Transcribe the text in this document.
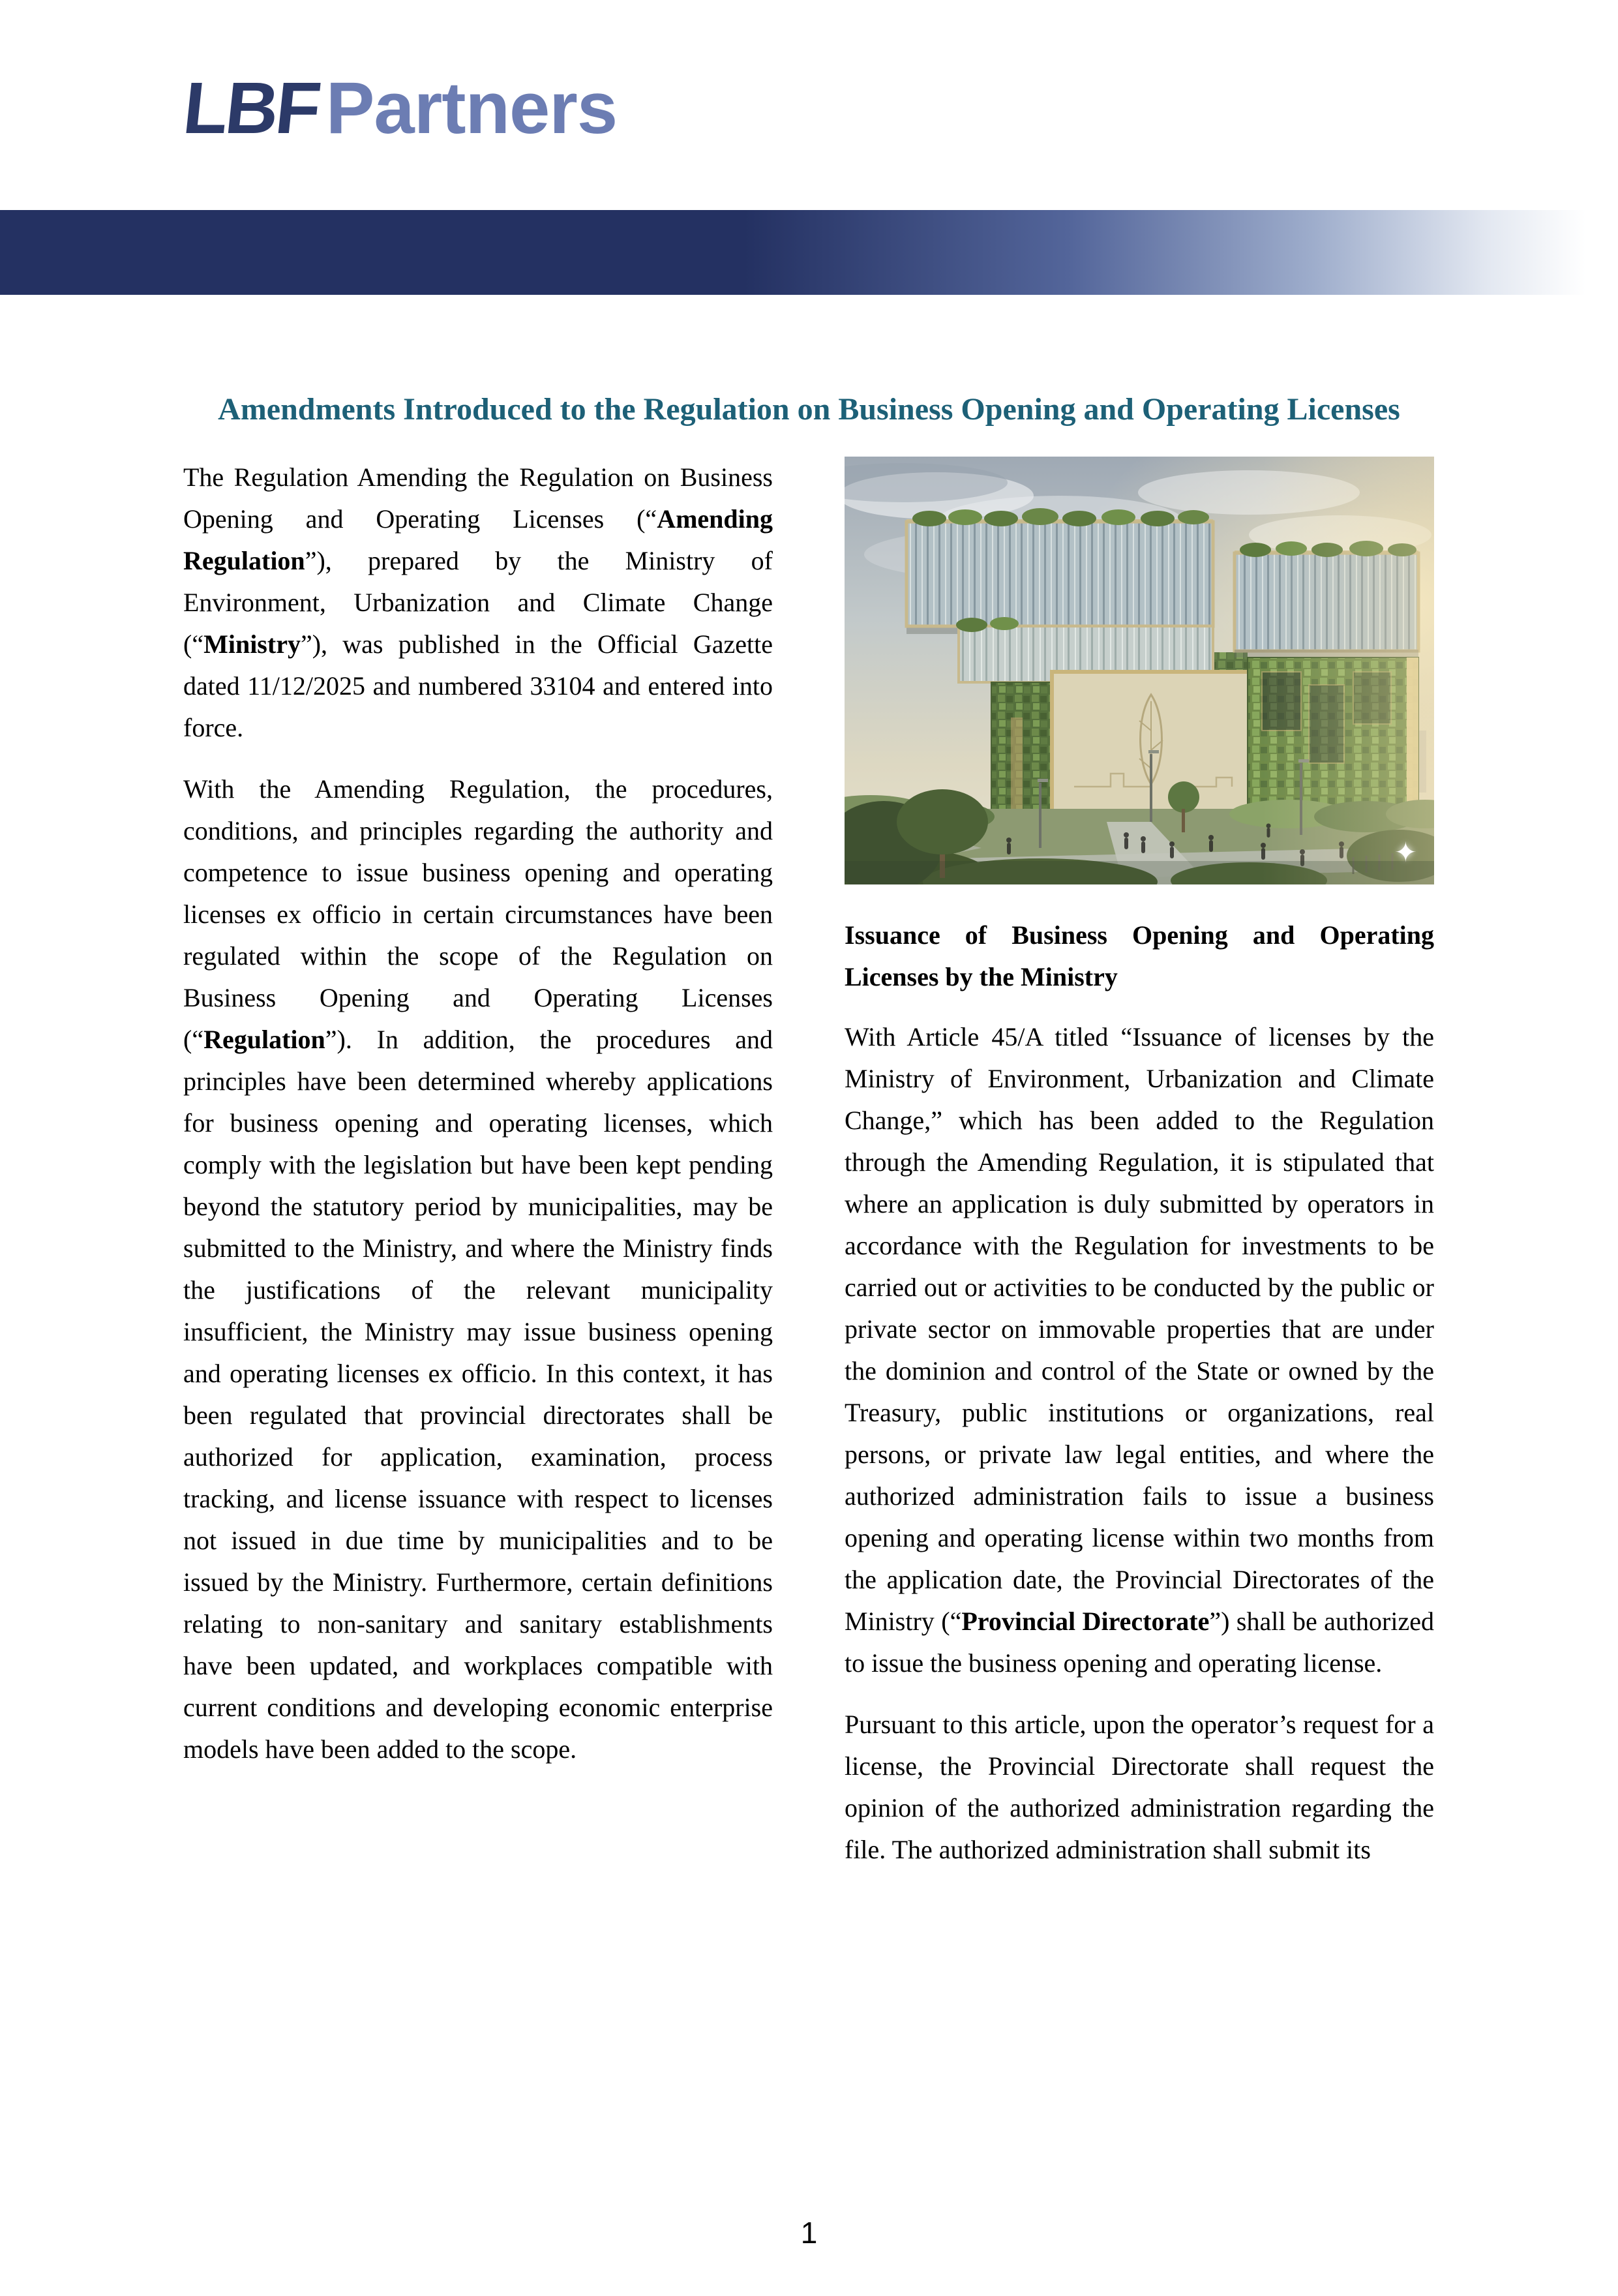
LBFPartners
Amendments Introduced to the Regulation on Business Opening and Operating Licenses

The Regulation Amending the Regulation on Business Opening and Operating Licenses (“Amending Regulation”), prepared by the Ministry of Environment, Urbanization and Climate Change (“Ministry”), was published in the Official Gazette dated 11/12/2025 and numbered 33104 and entered into force.

With the Amending Regulation, the procedures, conditions, and principles regarding the authority and competence to issue business opening and operating licenses ex officio in certain circumstances have been regulated within the scope of the Regulation on Business Opening and Operating Licenses (“Regulation”). In addition, the procedures and principles have been determined whereby applications for business opening and operating licenses, which comply with the legislation but have been kept pending beyond the statutory period by municipalities, may be submitted to the Ministry, and where the Ministry finds the justifications of the relevant municipality insufficient, the Ministry may issue business opening and operating licenses ex officio. In this context, it has been regulated that provincial directorates shall be authorized for application, examination, process tracking, and license issuance with respect to licenses not issued in due time by municipalities and to be issued by the Ministry. Furthermore, certain definitions relating to non-sanitary and sanitary establishments have been updated, and workplaces compatible with current conditions and developing economic enterprise models have been added to the scope.

✦
Issuance of Business Opening and Operating Licenses by the Ministry

With Article 45/A titled “Issuance of licenses by the Ministry of Environment, Urbanization and Climate Change,” which has been added to the Regulation through the Amending Regulation, it is stipulated that where an application is duly submitted by operators in accordance with the Regulation for investments to be carried out or activities to be conducted by the public or private sector on immovable properties that are under the dominion and control of the State or owned by the Treasury, public institutions or organizations, real persons, or private law legal entities, and where the authorized administration fails to issue a business opening and operating license within two months from the application date, the Provincial Directorates of the Ministry (“Provincial Directorate”) shall be authorized to issue the business opening and operating license.

Pursuant to this article, upon the operator’s request for a license, the Provincial Directorate shall request the opinion of the authorized administration regarding the file. The authorized administration shall submit its

1
